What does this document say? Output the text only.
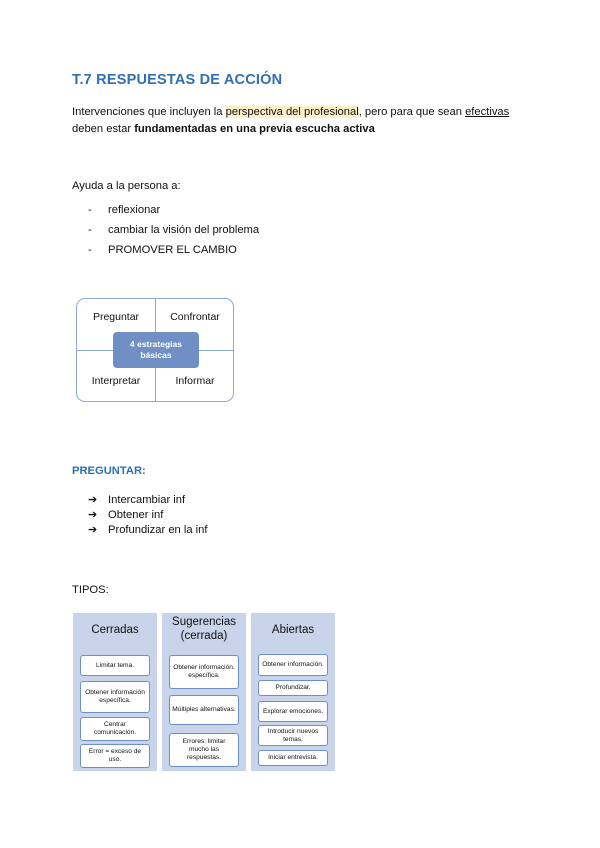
T.7 RESPUESTAS DE ACCIÓN
Intervenciones que incluyen la perspectiva del profesional, pero para que sean efectivas
deben estar fundamentadas en una previa escucha activa
Ayuda a la persona a:
- reflexionar
- cambiar la visión del problema
- PROMOVER EL CAMBIO
Preguntar	Confrontar
Interpretar	Informar
4 estrategias
básicas
PREGUNTAR:
➔ Intercambiar inf
➔ Obtener inf
➔ Profundizar en la inf
TIPOS:
Cerradas
Limitar tema.
Obtener información específica.
Centrar comunicación.
Error = exceso de uso.
Sugerencias
(cerrada)
Obtener información. específica.
Múltiples alternativas.
Errores: limitar mucho las respuestas.
Abiertas
Obtener información.
Profundizar.
Explorar emociones.
Introducir nuevos temas.
Iniciar entrevista.
